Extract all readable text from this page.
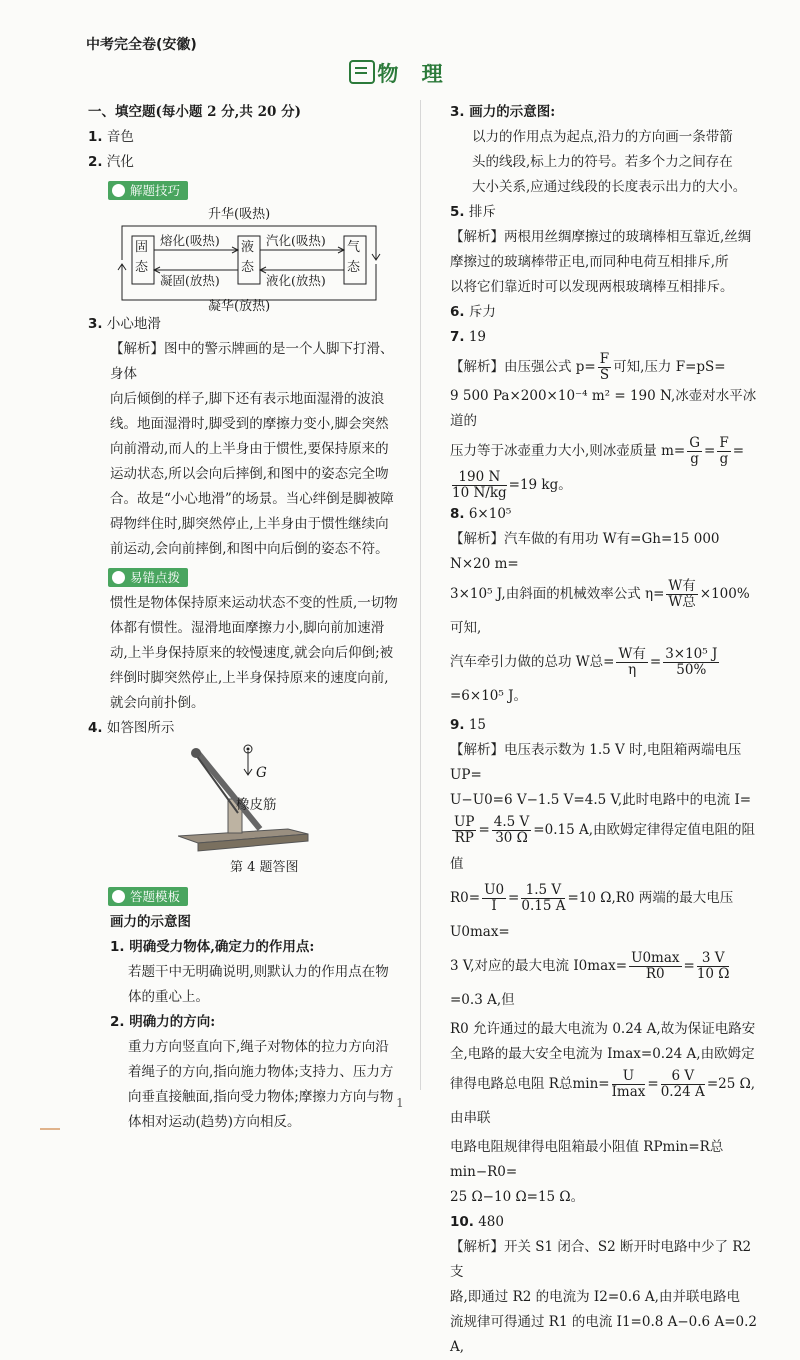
中考完全卷(安徽)
物 理

一、填空题(每小题 2 分,共 20 分)

1. 音色

2. 汽化

解题技巧
升华(吸热)
凝华(放热)
固态
液态
气态
熔化(吸热)
凝固(放热)
汽化(吸热)
液化(放热)

3. 小心地滑

【解析】图中的警示牌画的是一个人脚下打滑、身体

向后倾倒的样子,脚下还有表示地面湿滑的波浪

线。地面湿滑时,脚受到的摩擦力变小,脚会突然

向前滑动,而人的上半身由于惯性,要保持原来的

运动状态,所以会向后摔倒,和图中的姿态完全吻

合。故是“小心地滑”的场景。当心绊倒是脚被障

碍物绊住时,脚突然停止,上半身由于惯性继续向

前运动,会向前摔倒,和图中向后倒的姿态不符。

易错点拨

惯性是物体保持原来运动状态不变的性质,一切物

体都有惯性。湿滑地面摩擦力小,脚向前加速滑

动,上半身保持原来的较慢速度,就会向后仰倒;被

绊倒时脚突然停止,上半身保持原来的速度向前,

就会向前扑倒。

4. 如答图所示

G
橡皮筋
第 4 题答图
答题模板

画力的示意图

1. 明确受力物体,确定力的作用点:

若题干中无明确说明,则默认力的作用点在物

体的重心上。

2. 明确力的方向:

重力方向竖直向下,绳子对物体的拉力方向沿

着绳子的方向,指向施力物体;支持力、压力方

向垂直接触面,指向受力物体;摩擦力方向与物

体相对运动(趋势)方向相反。

3. 画力的示意图:

以力的作用点为起点,沿力的方向画一条带箭

头的线段,标上力的符号。若多个力之间存在

大小关系,应通过线段的长度表示出力的大小。

5. 排斥

【解析】两根用丝绸摩擦过的玻璃棒相互靠近,丝绸

摩擦过的玻璃棒带正电,而同种电荷互相排斥,所

以将它们靠近时可以发现两根玻璃棒互相排斥。

6. 斥力

7. 19

【解析】由压强公式 $p= \frac{F}{S}$ 可知,压力 F=pS=

9 500 Pa×200×10⁻⁴ m² = 190 N,冰壶对水平冰道的

压力等于冰壶重力大小,则冰壶质量 $m= \frac{G}{g} = \frac{F}{g}$ =

$\frac{190 N}{10 N/kg} =19$ kg。

8. 6×10⁵

【解析】汽车做的有用功 W有=Gh=15 000 N×20 m=

3×10⁵ J,由斜面的机械效率公式 $\eta= \frac{\text{W有}}{\text{W总}} \times 100\%$可知,

汽车牵引力做的总功 W总= $\frac{\text{W有}}{\eta} = \frac{\text{3×10⁵ J}}{50\%}$
=6×10⁵ J。

9. 15

【解析】电压表示数为 1.5 V 时,电阻箱两端电压 UP=

U−U0=6 V−1.5 V=4.5 V,此时电路中的电流 I=

$\frac{UP}{RP} = \frac{4.5 V}{30 \Omega} =0.15$ A,由欧姆定律得定值电阻的阻值

$R0= \frac{U0}{I} = \frac{1.5 V}{0.15 A} =10$ Ω,R0 两端的最大电压 U0max=

3 V,对应的最大电流 $I0\max= \frac{U0\max}{R0} = \frac{3 V}{10 \Omega}$
=0.3 A,但

R0 允许通过的最大电流为 0.24 A,故为保证电路安

全,电路的最大安全电流为 Imax=0.24 A,由欧姆定

律得电路总电阻 R总$\min= \frac{U}{Imax} = \frac{6 V}{0.24 A} =25$ Ω,由串联

电路电阻规律得电阻箱最小阻值 RPmin=R总min−R0=

25 Ω−10 Ω=15 Ω。

10. 480

【解析】开关 S1 闭合、S2 断开时电路中少了 R2 支

路,即通过 R2 的电流为 I2=0.6 A,由并联电路电

流规律可得通过 R1 的电流 I1=0.8 A−0.6 A=0.2 A,

1
